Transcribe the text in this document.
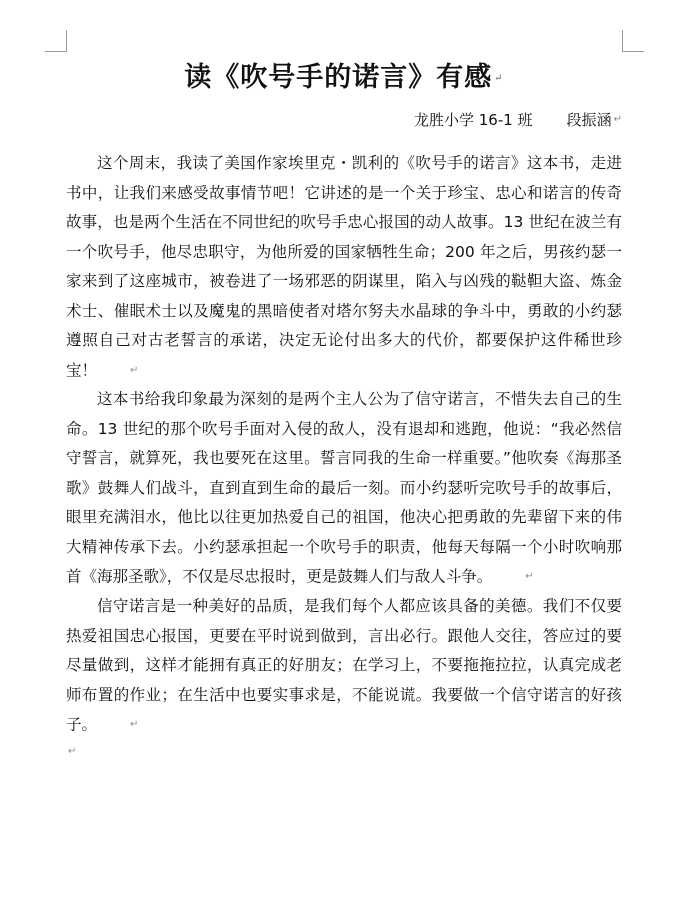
读《吹号手的诺言》有感 ↵
龙胜小学 16-1 班 段振涵 ↵

这个周末，我读了美国作家埃里克・凯利的《吹号手的诺言》这本书，走进书中，让我们来感受故事情节吧！它讲述的是一个关于珍宝、忠心和诺言的传奇故事，也是两个生活在不同世纪的吹号手忠心报国的动人故事。13 世纪在波兰有一个吹号手，他尽忠职守，为他所爱的国家牺牲生命；200 年之后，男孩约瑟一家来到了这座城市，被卷进了一场邪恶的阴谋里，陷入与凶残的鞑靼大盗、炼金术士、催眠术士以及魔鬼的黑暗使者对塔尔努夫水晶球的争斗中，勇敢的小约瑟遵照自己对古老誓言的承诺，决定无论付出多大的代价，都要保护这件稀世珍宝！	↵

这本书给我印象最为深刻的是两个主人公为了信守诺言，不惜失去自己的生命。13 世纪的那个吹号手面对入侵的敌人，没有退却和逃跑，他说：“我必然信守誓言，就算死，我也要死在这里。誓言同我的生命一样重要。”他吹奏《海那圣歌》鼓舞人们战斗，直到直到生命的最后一刻。而小约瑟听完吹号手的故事后，眼里充满泪水，他比以往更加热爱自己的祖国，他决心把勇敢的先辈留下来的伟大精神传承下去。小约瑟承担起一个吹号手的职责，他每天每隔一个小时吹响那首《海那圣歌》，不仅是尽忠报时，更是鼓舞人们与敌人斗争。	↵

信守诺言是一种美好的品质，是我们每个人都应该具备的美德。我们不仅要热爱祖国忠心报国，更要在平时说到做到，言出必行。跟他人交往，答应过的要尽量做到，这样才能拥有真正的好朋友；在学习上，不要拖拖拉拉，认真完成老师布置的作业；在生活中也要实事求是，不能说谎。我要做一个信守诺言的好孩子。	↵

↵
